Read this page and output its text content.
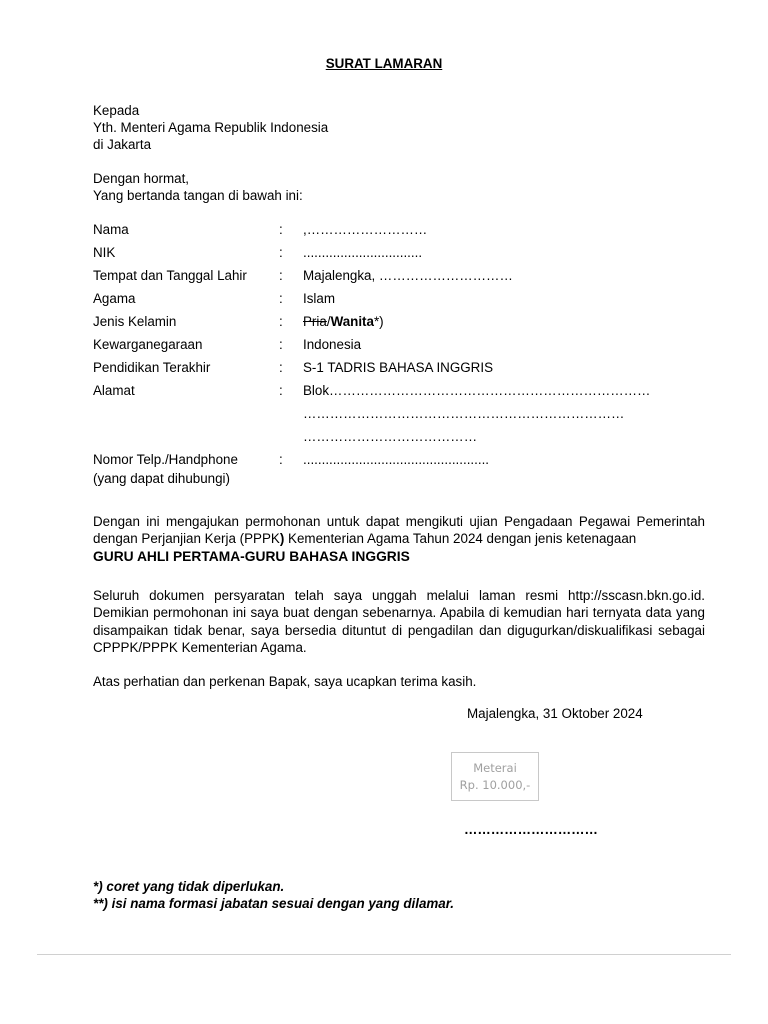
SURAT LAMARAN
Kepada
Yth. Menteri Agama Republik Indonesia
di Jakarta
Dengan hormat,
Yang bertanda tangan di bawah ini:
Nama	: ,………………………
NIK	: ................................
Tempat dan Tanggal Lahir : Majalengka, …………………………
Agama	: Islam
Jenis Kelamin	: Pria/Wanita*)
Kewarganegaraan	: Indonesia
Pendidikan Terakhir	: S-1 TADRIS BAHASA INGGRIS
Alamat	: Blok………………………………………………………………
………………………………………………………………
…………………………………
Nomor Telp./Handphone	: ..................................................
(yang dapat dihubungi)
Dengan ini mengajukan permohonan untuk dapat mengikuti ujian Pengadaan Pegawai Pemerintah dengan Perjanjian Kerja (PPPK) Kementerian Agama Tahun 2024 dengan jenis ketenagaan
GURU AHLI PERTAMA-GURU BAHASA INGGRIS
Seluruh dokumen persyaratan telah saya unggah melalui laman resmi http://sscasn.bkn.go.id. Demikian permohonan ini saya buat dengan sebenarnya. Apabila di kemudian hari ternyata data yang disampaikan tidak benar, saya bersedia dituntut di pengadilan dan digugurkan/diskualifikasi sebagai CPPPK/PPPK Kementerian Agama.
Atas perhatian dan perkenan Bapak, saya ucapkan terima kasih.
Majalengka, 31 Oktober 2024
Meterai
Rp. 10.000,-
…………………………
*) coret yang tidak diperlukan.
**) isi nama formasi jabatan sesuai dengan yang dilamar.
